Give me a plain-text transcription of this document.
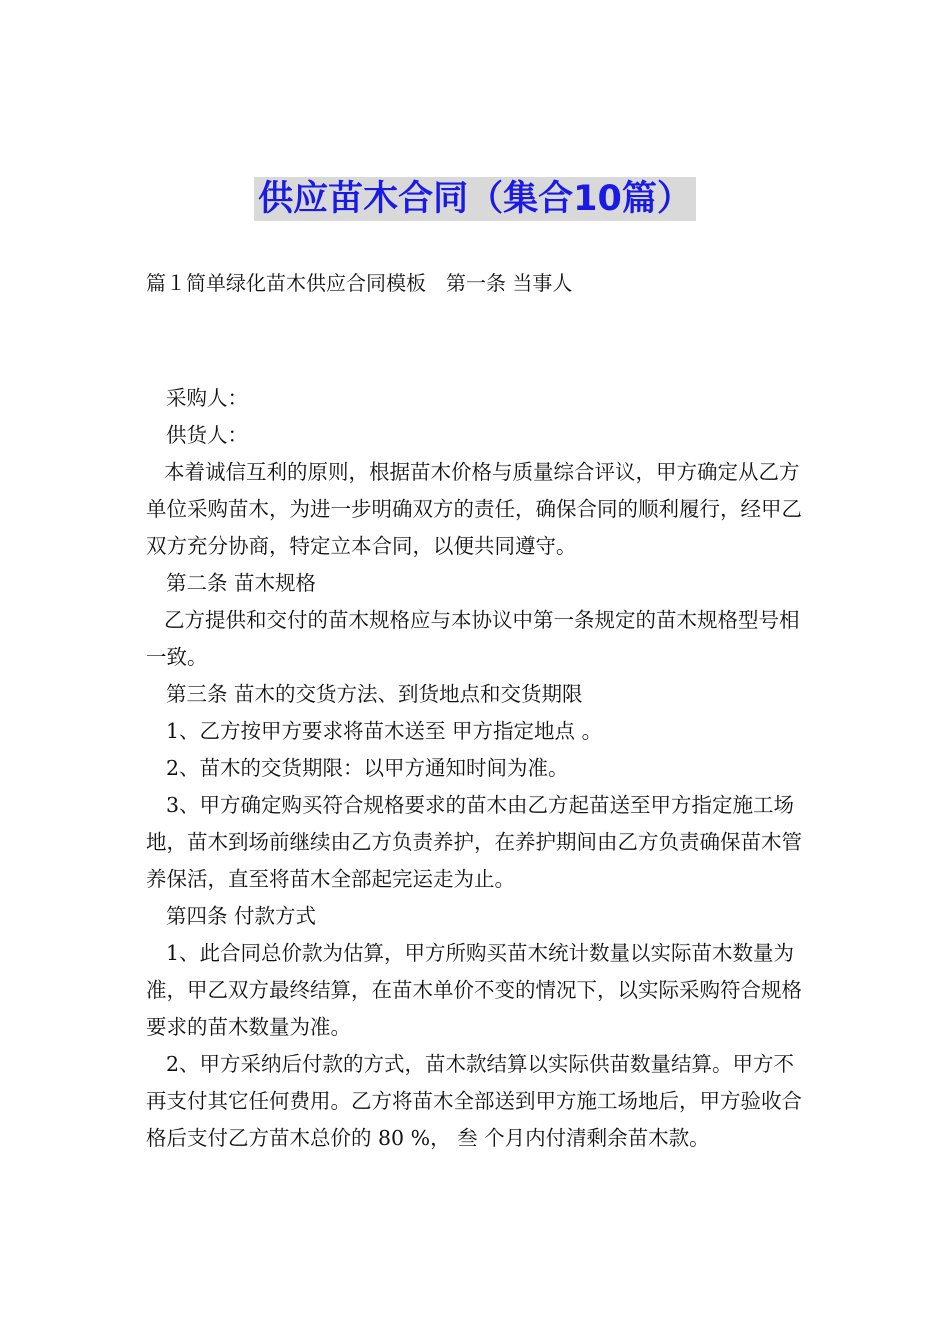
供应苗木合同（集合10篇）
篇１简单绿化苗木供应合同模板　第一条 当事人

采购人：

供货人：

本着诚信互利的原则，根据苗木价格与质量综合评议，甲方确定从乙方单位采购苗木，为进一步明确双方的责任，确保合同的顺利履行，经甲乙双方充分协商，特定立本合同，以便共同遵守。

第二条 苗木规格

乙方提供和交付的苗木规格应与本协议中第一条规定的苗木规格型号相一致。

第三条 苗木的交货方法、到货地点和交货期限

1、乙方按甲方要求将苗木送至 甲方指定地点 。

2、苗木的交货期限：以甲方通知时间为准。

3、甲方确定购买符合规格要求的苗木由乙方起苗送至甲方指定施工场地，苗木到场前继续由乙方负责养护，在养护期间由乙方负责确保苗木管养保活，直至将苗木全部起完运走为止。

第四条 付款方式

1、此合同总价款为估算，甲方所购买苗木统计数量以实际苗木数量为准，甲乙双方最终结算，在苗木单价不变的情况下，以实际采购符合规格要求的苗木数量为准。

2、甲方采纳后付款的方式，苗木款结算以实际供苗数量结算。甲方不再支付其它任何费用。乙方将苗木全部送到甲方施工场地后，甲方验收合格后支付乙方苗木总价的 80 %， 叁 个月内付清剩余苗木款。
